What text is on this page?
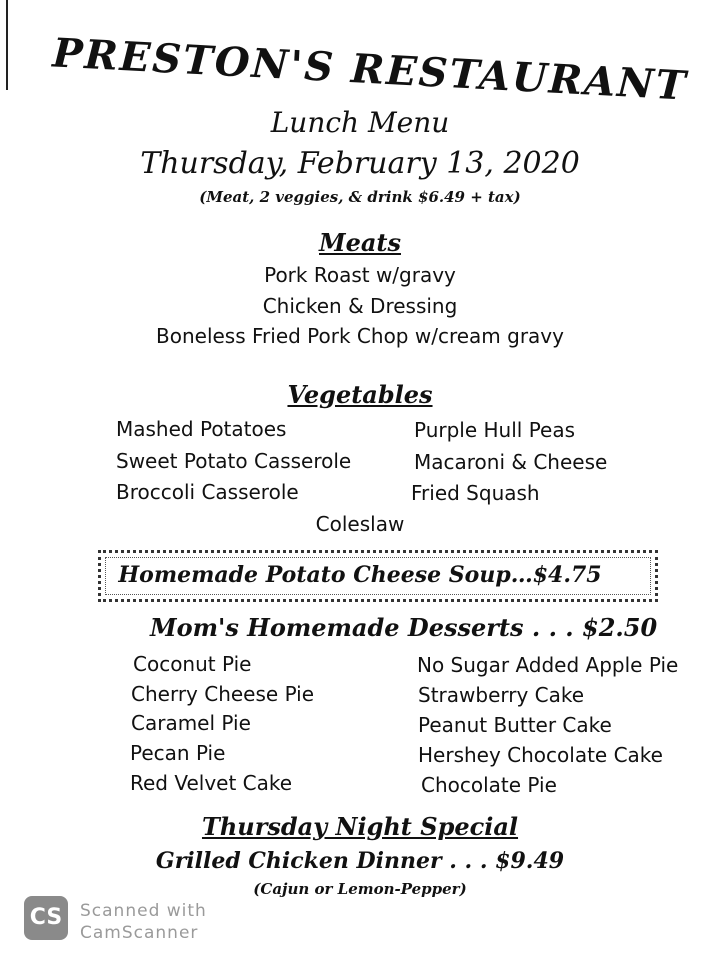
PRESTON'S RESTAURANT
Lunch Menu
Thursday, February 13, 2020
(Meat, 2 veggies, & drink $6.49 + tax)
Meats
Pork Roast w/gravy
Chicken & Dressing
Boneless Fried Pork Chop w/cream gravy
Vegetables
Mashed Potatoes
Sweet Potato Casserole
Broccoli Casserole
Purple Hull Peas
Macaroni & Cheese
Fried Squash
Coleslaw
Homemade Potato Cheese Soup…$4.75
Mom's Homemade Desserts . . . $2.50
Coconut Pie
Cherry Cheese Pie
Caramel Pie
Pecan Pie
Red Velvet Cake
No Sugar Added Apple Pie
Strawberry Cake
Peanut Butter Cake
Hershey Chocolate Cake
Chocolate Pie
Thursday Night Special
Grilled Chicken Dinner . . . $9.49
(Cajun or Lemon-Pepper)
CS	Scanned with
CamScanner
